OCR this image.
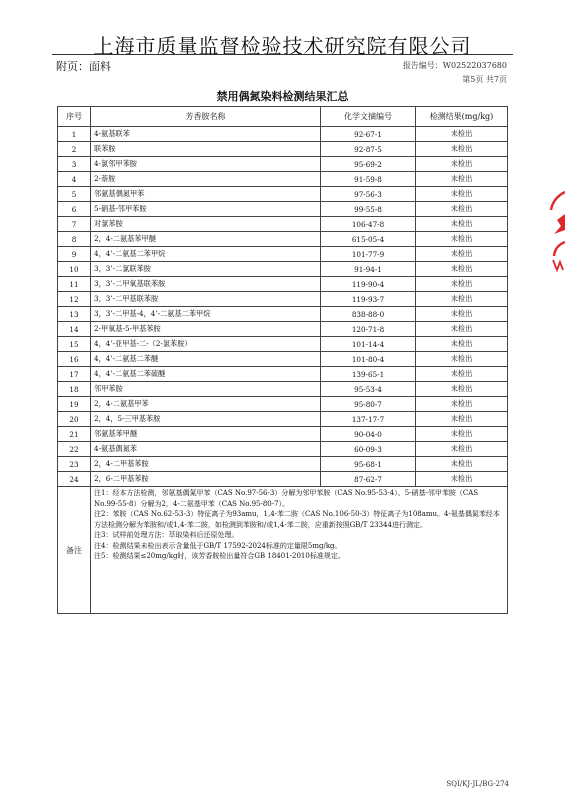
上海市质量监督检验技术研究院有限公司
附页：面料	报告编号：W02522037680
第5页 共7页
禁用偶氮染料检测结果汇总
序号	芳香胺名称	化学文摘编号	检测结果(mg/kg)
1	4-氨基联苯	92-67-1	未检出
2	联苯胺	92-87-5	未检出
3	4-氯邻甲苯胺	95-69-2	未检出
4	2-萘胺	91-59-8	未检出
5	邻氨基偶氮甲苯	97-56-3	未检出
6	5-硝基-邻甲苯胺	99-55-8	未检出
7	对氯苯胺	106-47-8	未检出
8	2，4-二氨基苯甲醚	615-05-4	未检出
9	4，4’-二氨基二苯甲烷	101-77-9	未检出
10	3，3’-二氯联苯胺	91-94-1	未检出
11	3，3’-二甲氧基联苯胺	119-90-4	未检出
12	3，3’-二甲基联苯胺	119-93-7	未检出
13	3，3’-二甲基-4，4’-二氨基二苯甲烷	838-88-0	未检出
14	2-甲氧基-5-甲基苯胺	120-71-8	未检出
15	4，4’-亚甲基-二-（2-氯苯胺）	101-14-4	未检出
16	4，4’-二氨基二苯醚	101-80-4	未检出
17	4，4’-二氨基二苯硫醚	139-65-1	未检出
18	邻甲苯胺	95-53-4	未检出
19	2，4-二氨基甲苯	95-80-7	未检出
20	2，4，5-三甲基苯胺	137-17-7	未检出
21	邻氨基苯甲醚	90-04-0	未检出
22	4-氨基偶氮苯	60-09-3	未检出
23	2，4-二甲基苯胺	95-68-1	未检出
24	2，6-二甲基苯胺	87-62-7	未检出
备注	注1：经本方法检测，邻氨基偶氮甲苯（CAS No.97-56-3）分解为邻甲苯胺（CAS No.95-53-4）、5-硝基-邻甲苯胺（CAS No.99-55-8）分解为2，4-二氨基甲苯（CAS No.95-80-7）。
注2：苯胺（CAS No.62-53-3）特征离子为93amu，1,4-苯二胺（CAS No.106-50-3）特征离子为108amu。4-氨基偶氮苯经本方法检测分解为苯胺和/或1,4-苯二胺，如检测到苯胺和/或1,4-苯二胺，应重新按照GB/T 23344进行测定。
注3：试样前处理方法：萃取染料后还原处理。
注4：检测结果未检出表示含量低于GB/T 17592-2024标准的定量限5mg/kg。
注5：检测结果≤20mg/kg时，该芳香胺检出量符合GB 18401-2010标准规定。		
SQI/KJ-JL/BG-274
